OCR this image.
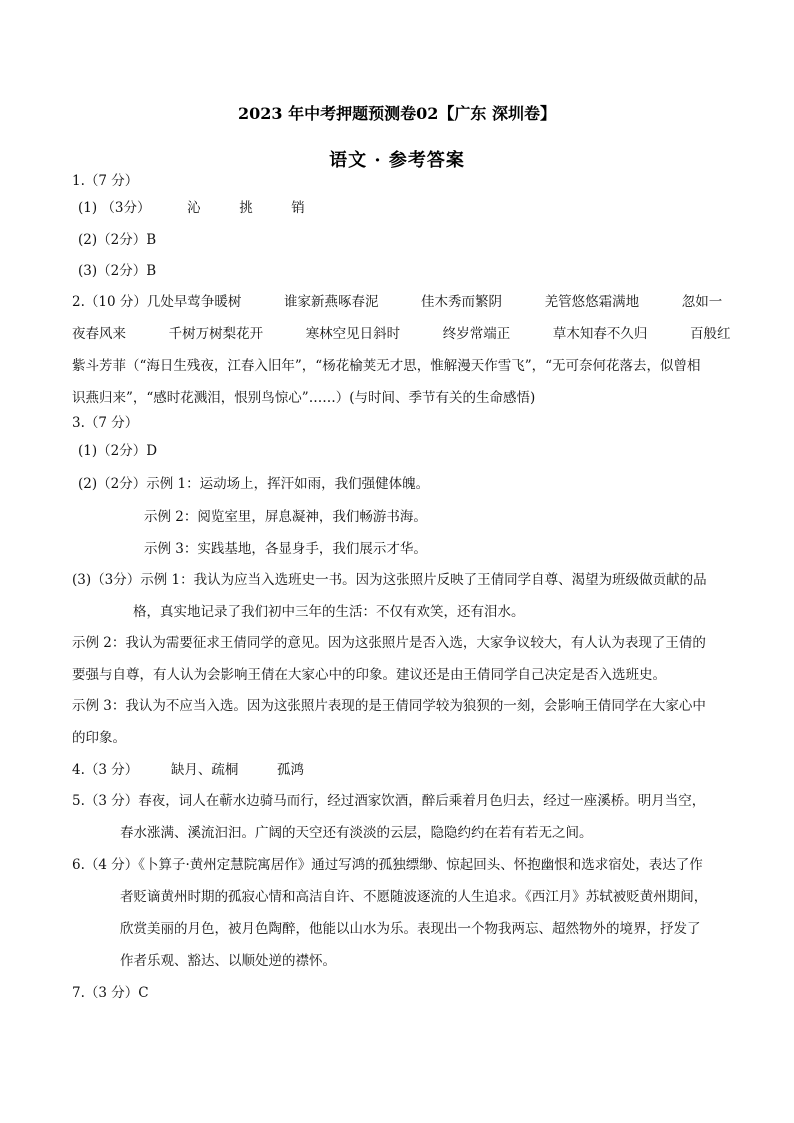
2023 年中考押题预测卷02【广东 深圳卷】
语文 · 参考答案
1.（7 分）
(1) （3分）	沁	挑	销
(2)（2分）B
(3)（2分）B
2.（10 分）几处早莺争暖树	谁家新燕啄春泥	佳木秀而繁阴	羌管悠悠霜满地	忽如一
夜春风来	千树万树梨花开	寒林空见日斜时	终岁常端正	草木知春不久归	百般红
紫斗芳菲（“海日生残夜，江春入旧年”，“杨花榆荚无才思，惟解漫天作雪飞”，“无可奈何花落去，似曾相
识燕归来”，“感时花溅泪，恨别鸟惊心”……）(与时间、季节有关的生命感悟)
3.（7 分）
(1)（2分）D
(2)（2分）示例 1：运动场上，挥汗如雨，我们强健体魄。
示例 2：阅览室里，屏息凝神，我们畅游书海。
示例 3：实践基地，各显身手，我们展示才华。
(3)（3分）示例 1：我认为应当入选班史一书。因为这张照片反映了王倩同学自尊、渴望为班级做贡献的品
格，真实地记录了我们初中三年的生活：不仅有欢笑，还有泪水。
示例 2：我认为需要征求王倩同学的意见。因为这张照片是否入选，大家争议较大，有人认为表现了王倩的
要强与自尊，有人认为会影响王倩在大家心中的印象。建议还是由王倩同学自己决定是否入选班史。
示例 3：我认为不应当入选。因为这张照片表现的是王倩同学较为狼狈的一刻，会影响王倩同学在大家心中
的印象。
4.（3 分） 缺月、疏桐	孤鸿
5.（3 分）春夜，词人在蕲水边骑马而行，经过酒家饮酒，醉后乘着月色归去，经过一座溪桥。明月当空，
春水涨满、溪流汩汩。广阔的天空还有淡淡的云层，隐隐约约在若有若无之间。
6.（4 分）《卜算子·黄州定慧院寓居作》通过写鸿的孤独缥缈、惊起回头、怀抱幽恨和选求宿处，表达了作
者贬谪黄州时期的孤寂心情和高洁自许、不愿随波逐流的人生追求。《西江月》苏轼被贬黄州期间，
欣赏美丽的月色，被月色陶醉，他能以山水为乐。表现出一个物我两忘、超然物外的境界，抒发了
作者乐观、豁达、以顺处逆的襟怀。
7.（3 分）C
